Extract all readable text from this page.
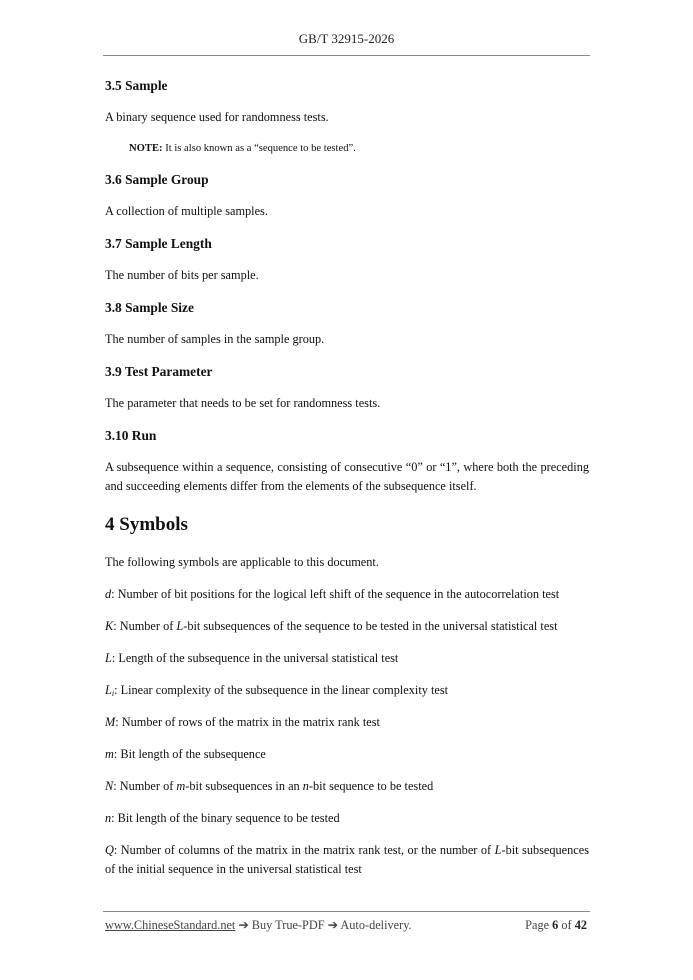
GB/T 32915-2026
3.5 Sample

A binary sequence used for randomness tests.

NOTE: It is also known as a “sequence to be tested”.

3.6 Sample Group

A collection of multiple samples.

3.7 Sample Length

The number of bits per sample.

3.8 Sample Size

The number of samples in the sample group.

3.9 Test Parameter

The parameter that needs to be set for randomness tests.

3.10 Run

A subsequence within a sequence, consisting of consecutive “0” or “1”, where both the preceding and succeeding elements differ from the elements of the subsequence itself.

4 Symbols

The following symbols are applicable to this document.

d: Number of bit positions for the logical left shift of the sequence in the autocorrelation test

K: Number of L-bit subsequences of the sequence to be tested in the universal statistical test

L: Length of the subsequence in the universal statistical test

$L_i$: Linear complexity of the subsequence in the linear complexity test

M: Number of rows of the matrix in the matrix rank test

m: Bit length of the subsequence

N: Number of m-bit subsequences in an n-bit sequence to be tested

n: Bit length of the binary sequence to be tested

Q: Number of columns of the matrix in the matrix rank test, or the number of L-bit subsequences of the initial sequence in the universal statistical test

www.ChineseStandard.net ➔ Buy True-PDF ➔ Auto-delivery.	Page 6 of 42
